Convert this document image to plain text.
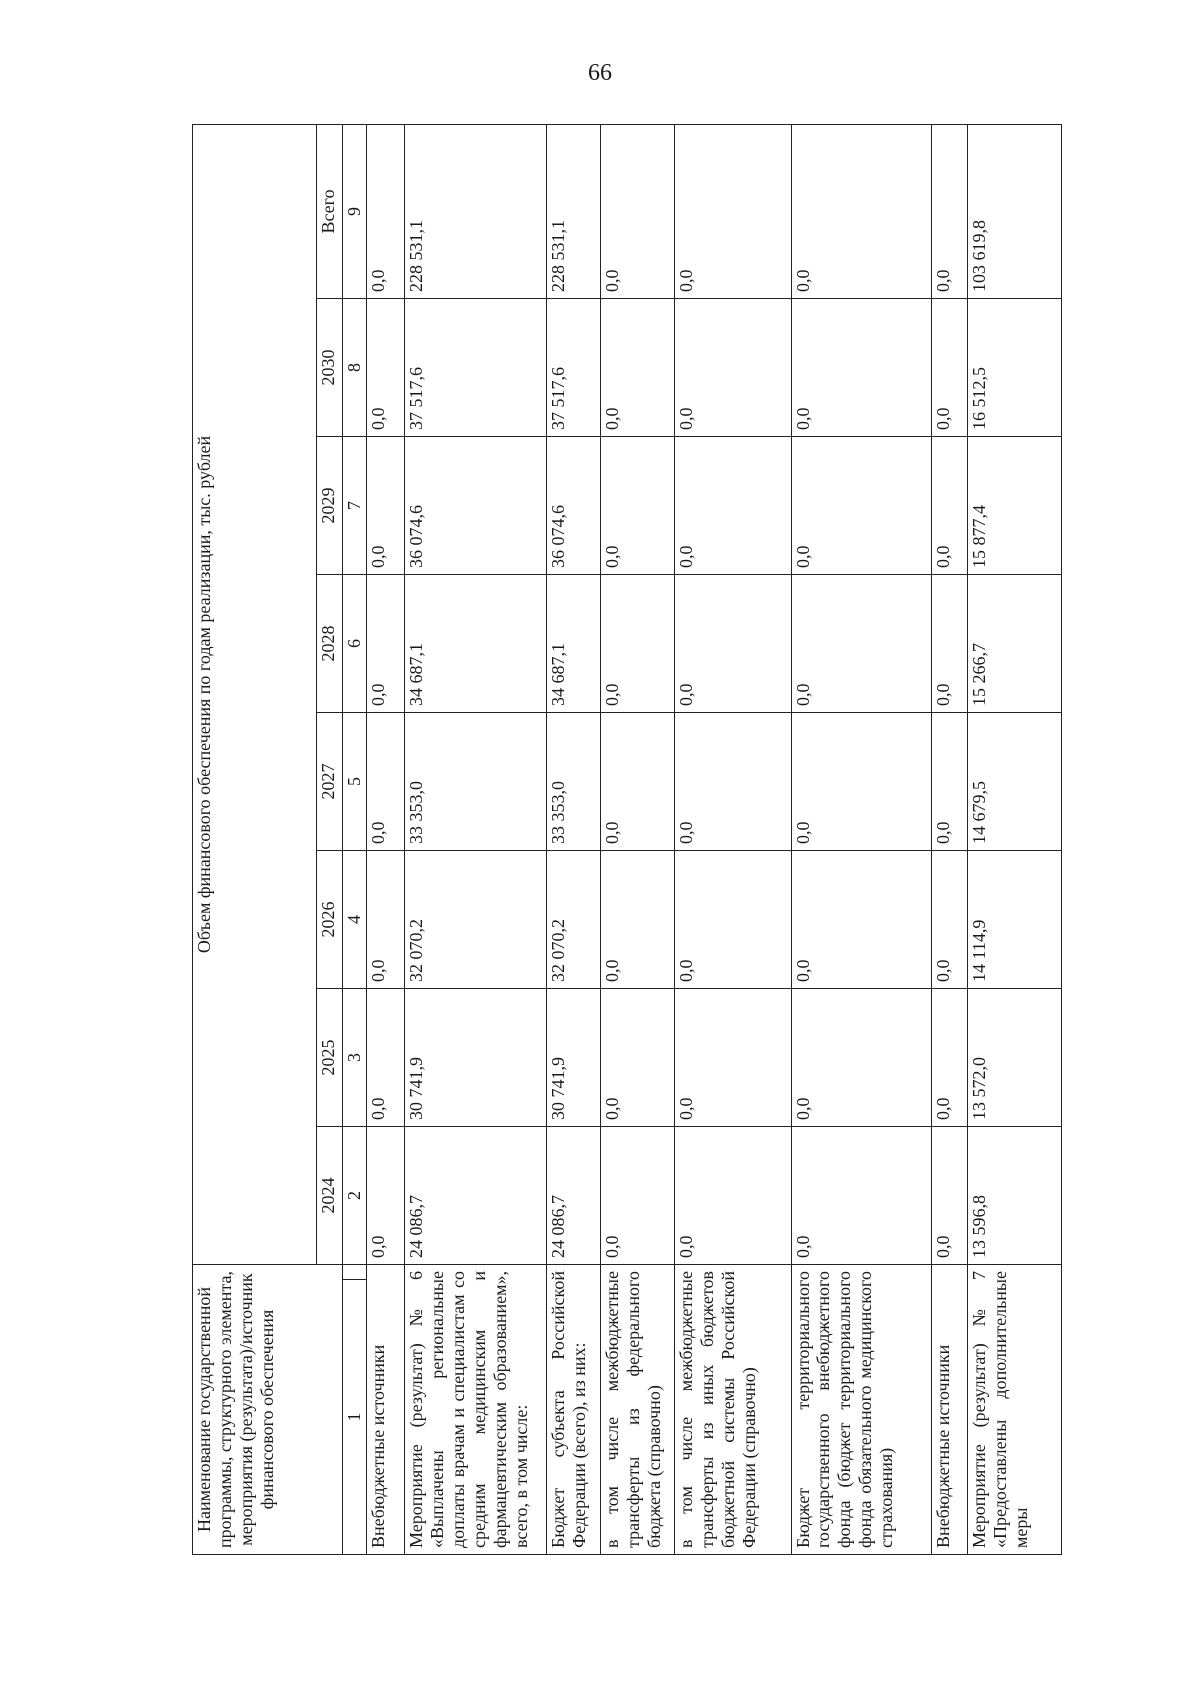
66
Наименование государственной программы, структурного элемента, мероприятия (результата)/источник финансового обеспечения		Объем финансового обеспечения по годам реализации, тыс. рублей							
		2024	2025	2026	2027	2028	2029	2030	Всего
1		2	3	4	5	6	7	8	9
Внебюджетные источники		0,0	0,0	0,0	0,0	0,0	0,0	0,0	0,0
Мероприятие (результат) № 6 «Выплачены региональные доплаты врачам и специалистам со средним медицинским и фармацевтическим образованием», всего, в том числе:		24 086,7	30 741,9	32 070,2	33 353,0	34 687,1	36 074,6	37 517,6	228 531,1
Бюджет субъекта Российской Федерации (всего), из них:		24 086,7	30 741,9	32 070,2	33 353,0	34 687,1	36 074,6	37 517,6	228 531,1
в том числе межбюджетные трансферты из федерального бюджета (справочно)		0,0	0,0	0,0	0,0	0,0	0,0	0,0	0,0
в том числе межбюджетные трансферты из иных бюджетов бюджетной системы Российской Федерации (справочно)		0,0	0,0	0,0	0,0	0,0	0,0	0,0	0,0
Бюджет территориального государственного внебюджетного фонда (бюджет территориального фонда обязательного медицинского страхования)		0,0	0,0	0,0	0,0	0,0	0,0	0,0	0,0
Внебюджетные источники		0,0	0,0	0,0	0,0	0,0	0,0	0,0	0,0
Мероприятие (результат) № 7 «Предоставлены дополнительные меры		13 596,8	13 572,0	14 114,9	14 679,5	15 266,7	15 877,4	16 512,5	103 619,8
